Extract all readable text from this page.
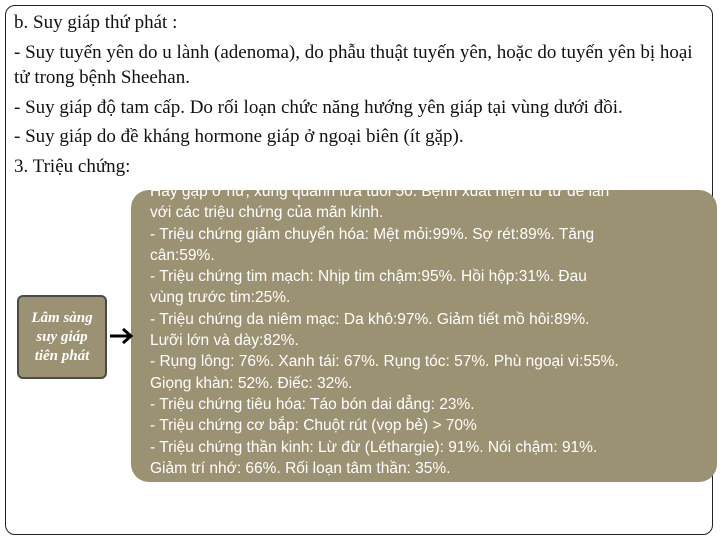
b. Suy giáp thứ phát :

- Suy tuyến yên do u lành (adenoma), do phẫu thuật tuyến yên, hoặc do tuyến yên bị hoại tử trong bệnh Sheehan.

- Suy giáp độ tam cấp. Do rối loạn chức năng hướng yên giáp tại vùng dưới đồi.

- Suy giáp do đề kháng hormone giáp ở ngoại biên (ít gặp).

3. Triệu chứng:

Lâm sàng
suy giáp
tiên phát
Hay gặp ở nữ, xung quanh lứa tuổi 50. Bệnh xuất hiện từ từ dễ lần
với các triệu chứng của mãn kinh.
- Triệu chứng giảm chuyển hóa: Mệt mỏi:99%. Sợ rét:89%. Tăng
cân:59%.
- Triệu chứng tim mạch: Nhịp tim chậm:95%. Hồi hộp:31%. Đau
vùng trước tim:25%.
- Triệu chứng da niêm mạc: Da khô:97%. Giảm tiết mồ hôi:89%.
Lưỡi lớn và dày:82%.
- Rụng lông: 76%. Xanh tái: 67%. Rụng tóc: 57%. Phù ngoại vi:55%.
Giọng khàn: 52%. Điếc: 32%.
- Triệu chứng tiêu hóa: Táo bón dai dẳng: 23%.
- Triệu chứng cơ bắp: Chuột rút (vọp bẻ) > 70%
- Triệu chứng thần kinh: Lừ đừ (Léthargie): 91%. Nói chậm: 91%.
Giảm trí nhớ: 66%. Rối loạn tâm thần: 35%.
